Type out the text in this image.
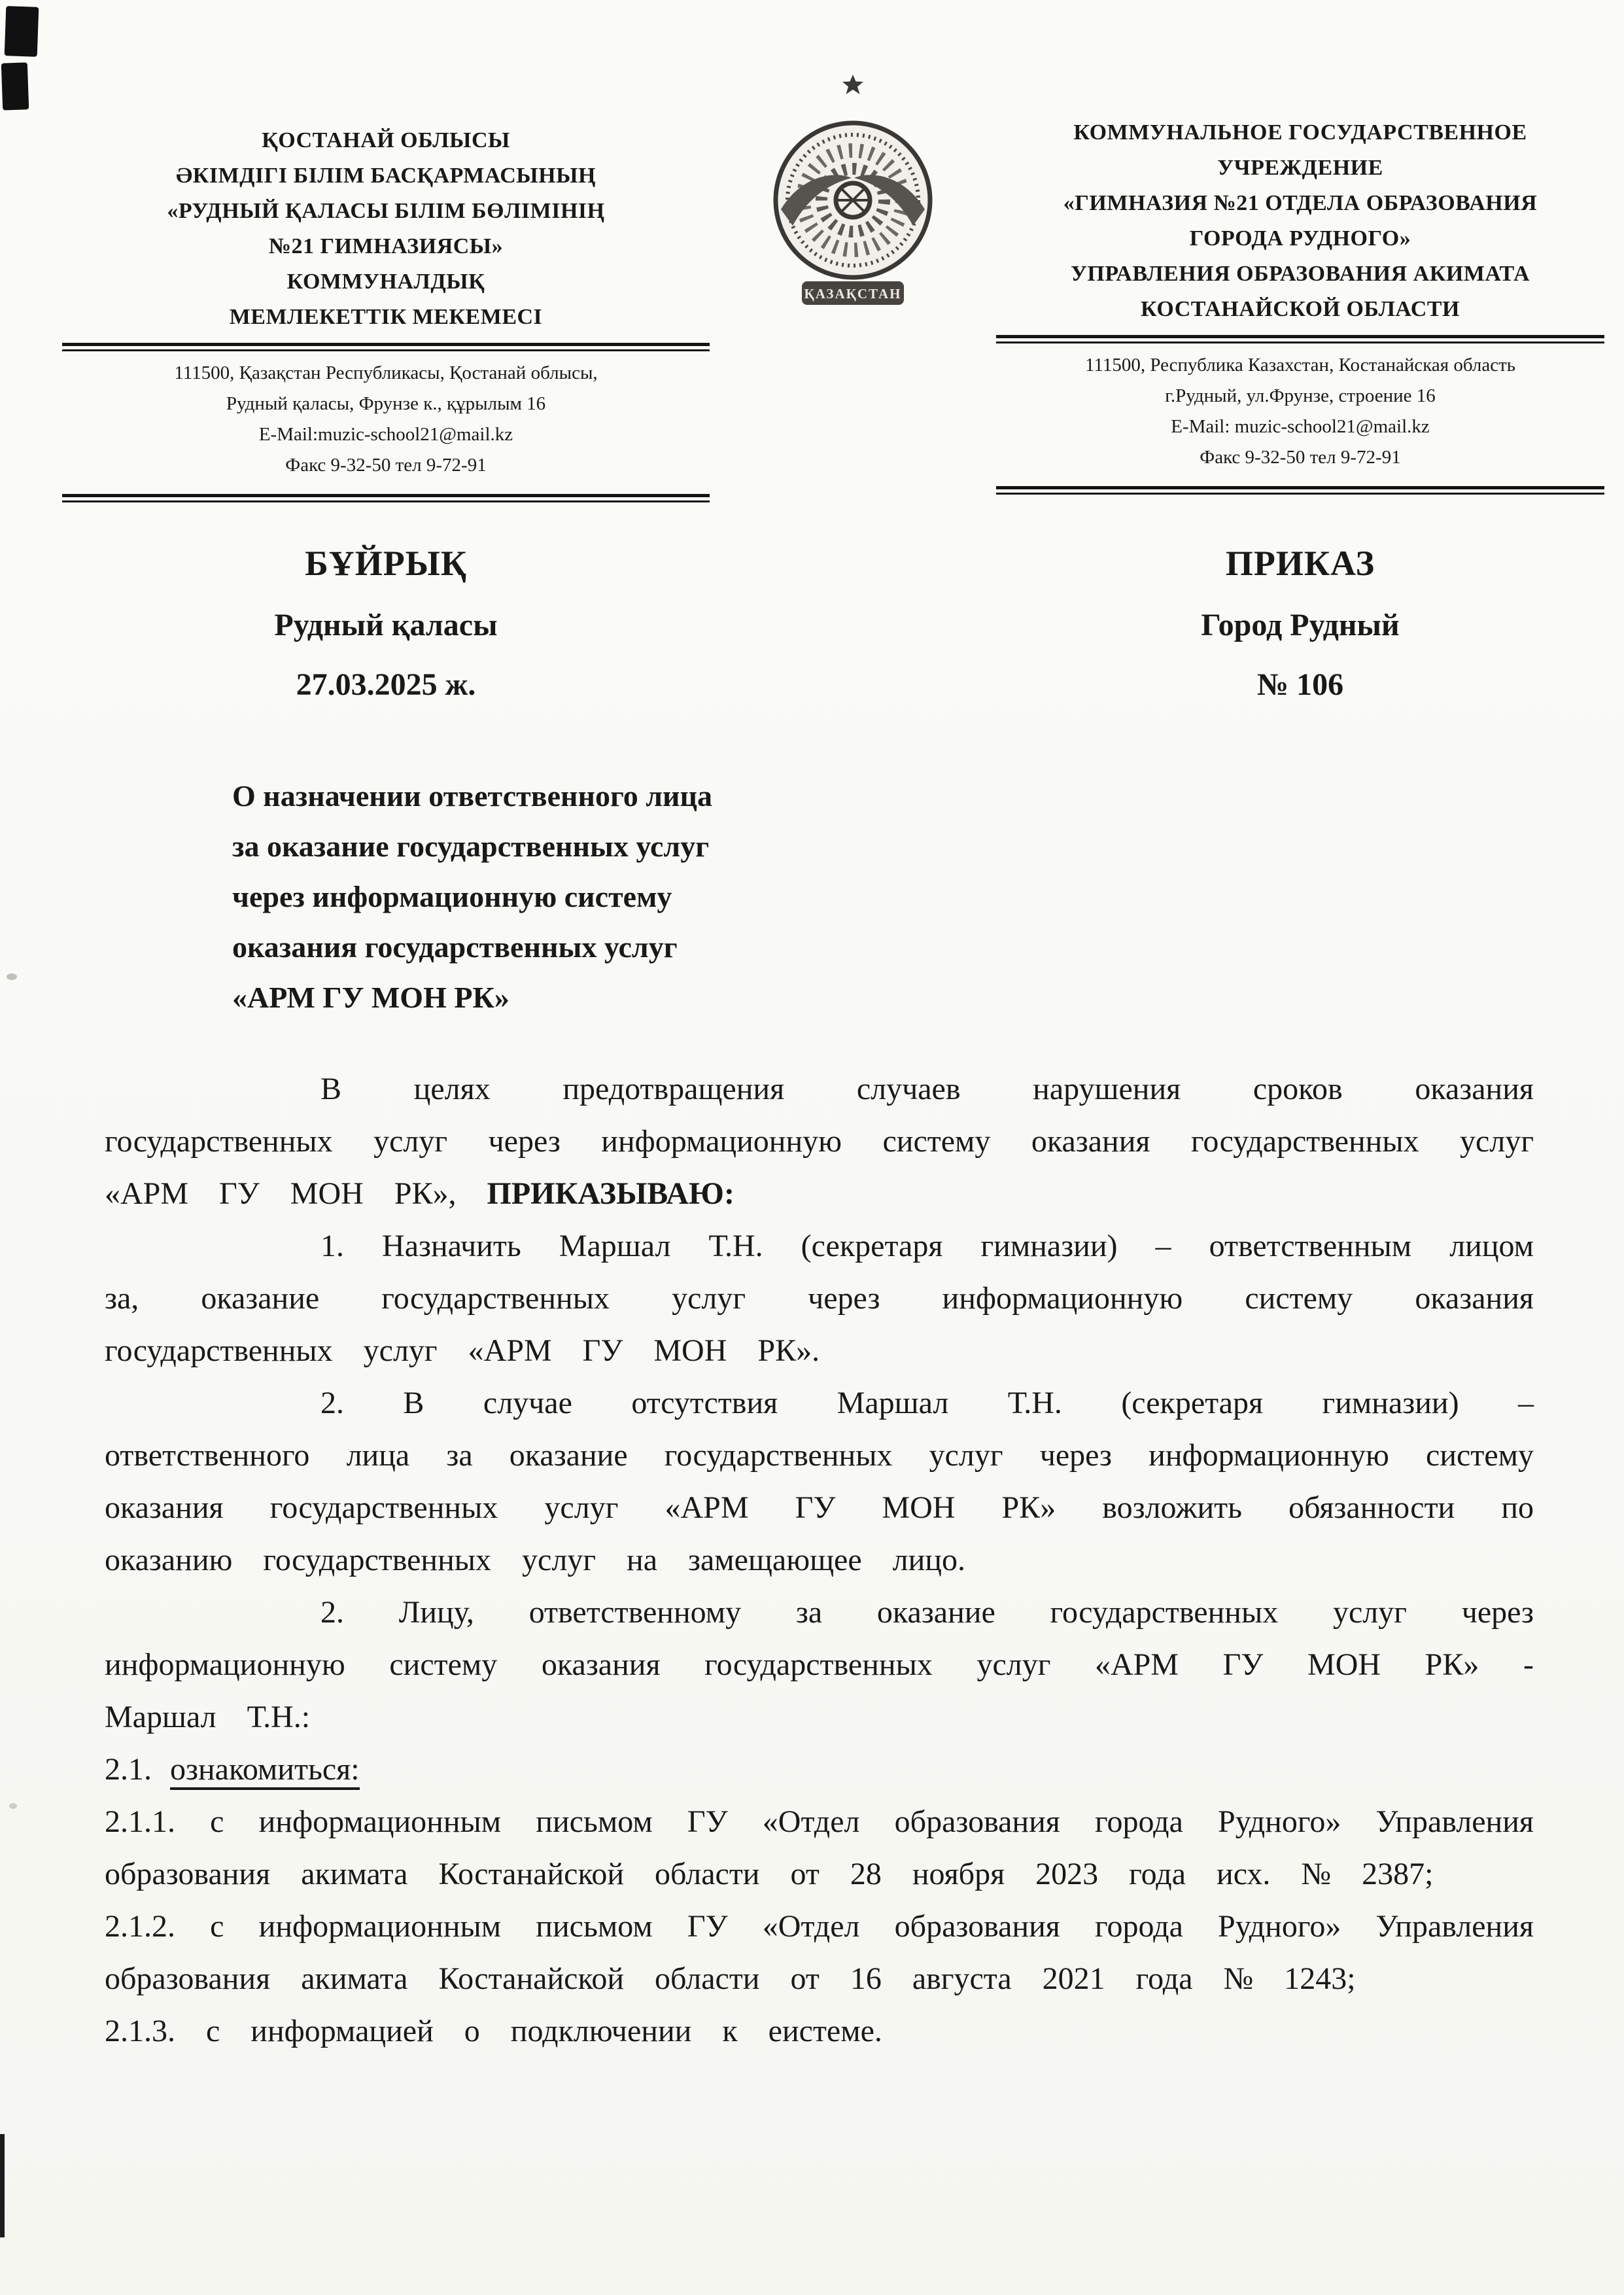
ҚОСТАНАЙ ОБЛЫСЫ
ӘКІМДІГІ БІЛІМ БАСҚАРМАСЫНЫҢ
«РУДНЫЙ ҚАЛАСЫ БІЛІМ БӨЛІМІНІҢ
№21 ГИМНАЗИЯСЫ»
КОММУНАЛДЫҚ
МЕМЛЕКЕТТІК МЕКЕМЕСІ
111500, Қазақстан Республикасы, Қостанай облысы,
Рудный қаласы, Фрунзе к., құрылым 16
E-Mail:muzic-school21@mail.kz
Факс 9-32-50 тел 9-72-91
ҚАЗАҚСТАН
КОММУНАЛЬНОЕ ГОСУДАРСТВЕННОЕ
УЧРЕЖДЕНИЕ
«ГИМНАЗИЯ №21 ОТДЕЛА ОБРАЗОВАНИЯ
ГОРОДА РУДНОГО»
УПРАВЛЕНИЯ ОБРАЗОВАНИЯ АКИМАТА
КОСТАНАЙСКОЙ ОБЛАСТИ
111500, Республика Казахстан, Костанайская область
г.Рудный, ул.Фрунзе, строение 16
E-Mail: muzic-school21@mail.kz
Факс 9-32-50 тел 9-72-91
БҰЙРЫҚ
Рудный қаласы
27.03.2025 ж.
ПРИКАЗ
Город Рудный
№ 106
О назначении ответственного лица
за оказание государственных услуг
через информационную систему
оказания государственных услуг
«АРМ ГУ МОН РК»

В целях предотвращения случаев нарушения сроков оказания государственных услуг через информационную систему оказания государственных услуг «АРМ ГУ МОН РК», ПРИКАЗЫВАЮ:

1. Назначить Маршал Т.Н. (секретаря гимназии) – ответственным лицом за, оказание государственных услуг через информационную систему оказания государственных услуг «АРМ ГУ МОН РК».

2. В случае отсутствия Маршал Т.Н. (секретаря гимназии) – ответственного лица за оказание государственных услуг через информационную систему оказания государственных услуг «АРМ ГУ МОН РК» возложить обязанности по оказанию государственных услуг на замещающее лицо.

2. Лицу, ответственному за оказание государственных услуг через информационную систему оказания государственных услуг «АРМ ГУ МОН РК» - Маршал Т.Н.:

2.1. ознакомиться:

2.1.1. с информационным письмом ГУ «Отдел образования города Рудного» Управления образования акимата Костанайской области от 28 ноября 2023 года исх. № 2387;

2.1.2. с информационным письмом ГУ «Отдел образования города Рудного» Управления образования акимата Костанайской области от 16 августа 2021 года № 1243;

2.1.3. с информацией о подключении к еистеме.
